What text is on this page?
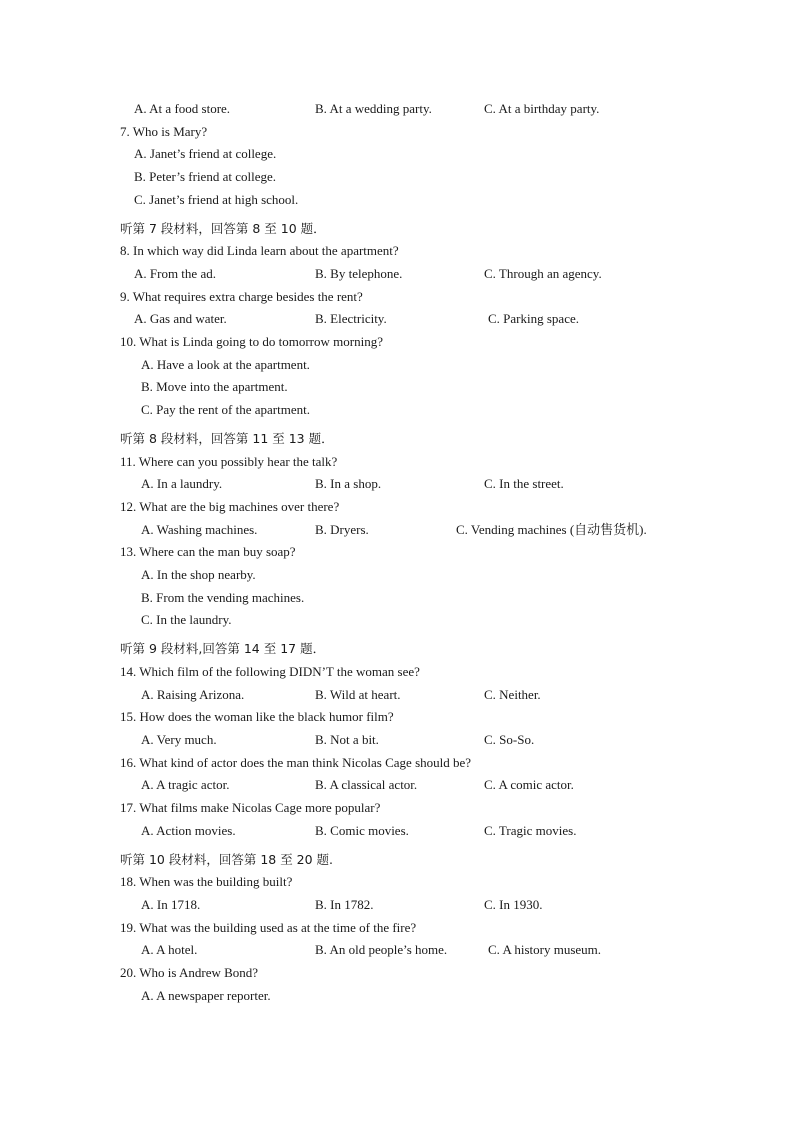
A. At a food store.	B. At a wedding party.	C. At a birthday party.
7. Who is Mary?
A. Janet’s friend at college.
B. Peter’s friend at college.
C. Janet’s friend at high school.
听第 7 段材料，回答第 8 至 10 题．
8. In which way did Linda learn about the apartment?
A. From the ad.	B. By telephone.	C. Through an agency.
9. What requires extra charge besides the rent?
A. Gas and water.	B. Electricity.	C. Parking space.
10. What is Linda going to do tomorrow morning?
A. Have a look at the apartment.
B. Move into the apartment.
C. Pay the rent of the apartment.
听第 8 段材料，回答第 11 至 13 题．
11. Where can you possibly hear the talk?
A. In a laundry.	B. In a shop.	C. In the street.
12. What are the big machines over there?
A. Washing machines.	B. Dryers.	C. Vending machines (自动售货机).
13. Where can the man buy soap?
A. In the shop nearby.
B. From the vending machines.
C. In the laundry.
听第 9 段材料,回答第 14 至 17 题．
14. Which film of the following DIDN’T the woman see?
A. Raising Arizona.	B. Wild at heart.	C. Neither.
15. How does the woman like the black humor film?
A. Very much.	B. Not a bit.	C. So-So.
16. What kind of actor does the man think Nicolas Cage should be?
A. A tragic actor.	B. A classical actor.	C. A comic actor.
17. What films make Nicolas Cage more popular?
A. Action movies.	B. Comic movies.	C. Tragic movies.
听第 10 段材料，回答第 18 至 20 题.
18. When was the building built?
A. In 1718.	B. In 1782.	C. In 1930.
19. What was the building used as at the time of the fire?
A. A hotel.	B. An old people’s home.	C. A history museum.
20. Who is Andrew Bond?
A. A newspaper reporter.
